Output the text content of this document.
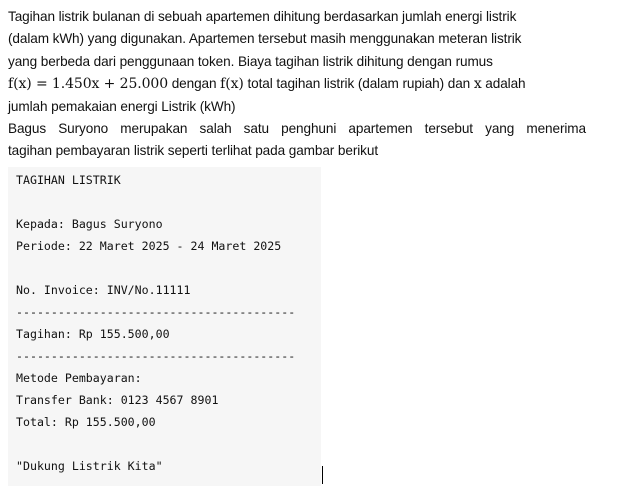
Tagihan listrik bulanan di sebuah apartemen dihitung berdasarkan jumlah energi listrik
(dalam kWh) yang digunakan. Apartemen tersebut masih menggunakan meteran listrik
yang berbeda dari penggunaan token. Biaya tagihan listrik dihitung dengan rumus
f(x) = 1.450x + 25.000 dengan f(x) total tagihan listrik (dalam rupiah) dan x adalah
jumlah pemakaian energi Listrik (kWh)
Bagus Suryono merupakan salah satu penghuni apartemen tersebut yang menerima
tagihan pembayaran listrik seperti terlihat pada gambar berikut
TAGIHAN LISTRIK
Kepada: Bagus Suryono
Periode: 22 Maret 2025 - 24 Maret 2025
No. Invoice: INV/No.11111
----------------------------------------
Tagihan: Rp 155.500,00
----------------------------------------
Metode Pembayaran:
Transfer Bank: 0123 4567 8901
Total: Rp 155.500,00
"Dukung Listrik Kita"
